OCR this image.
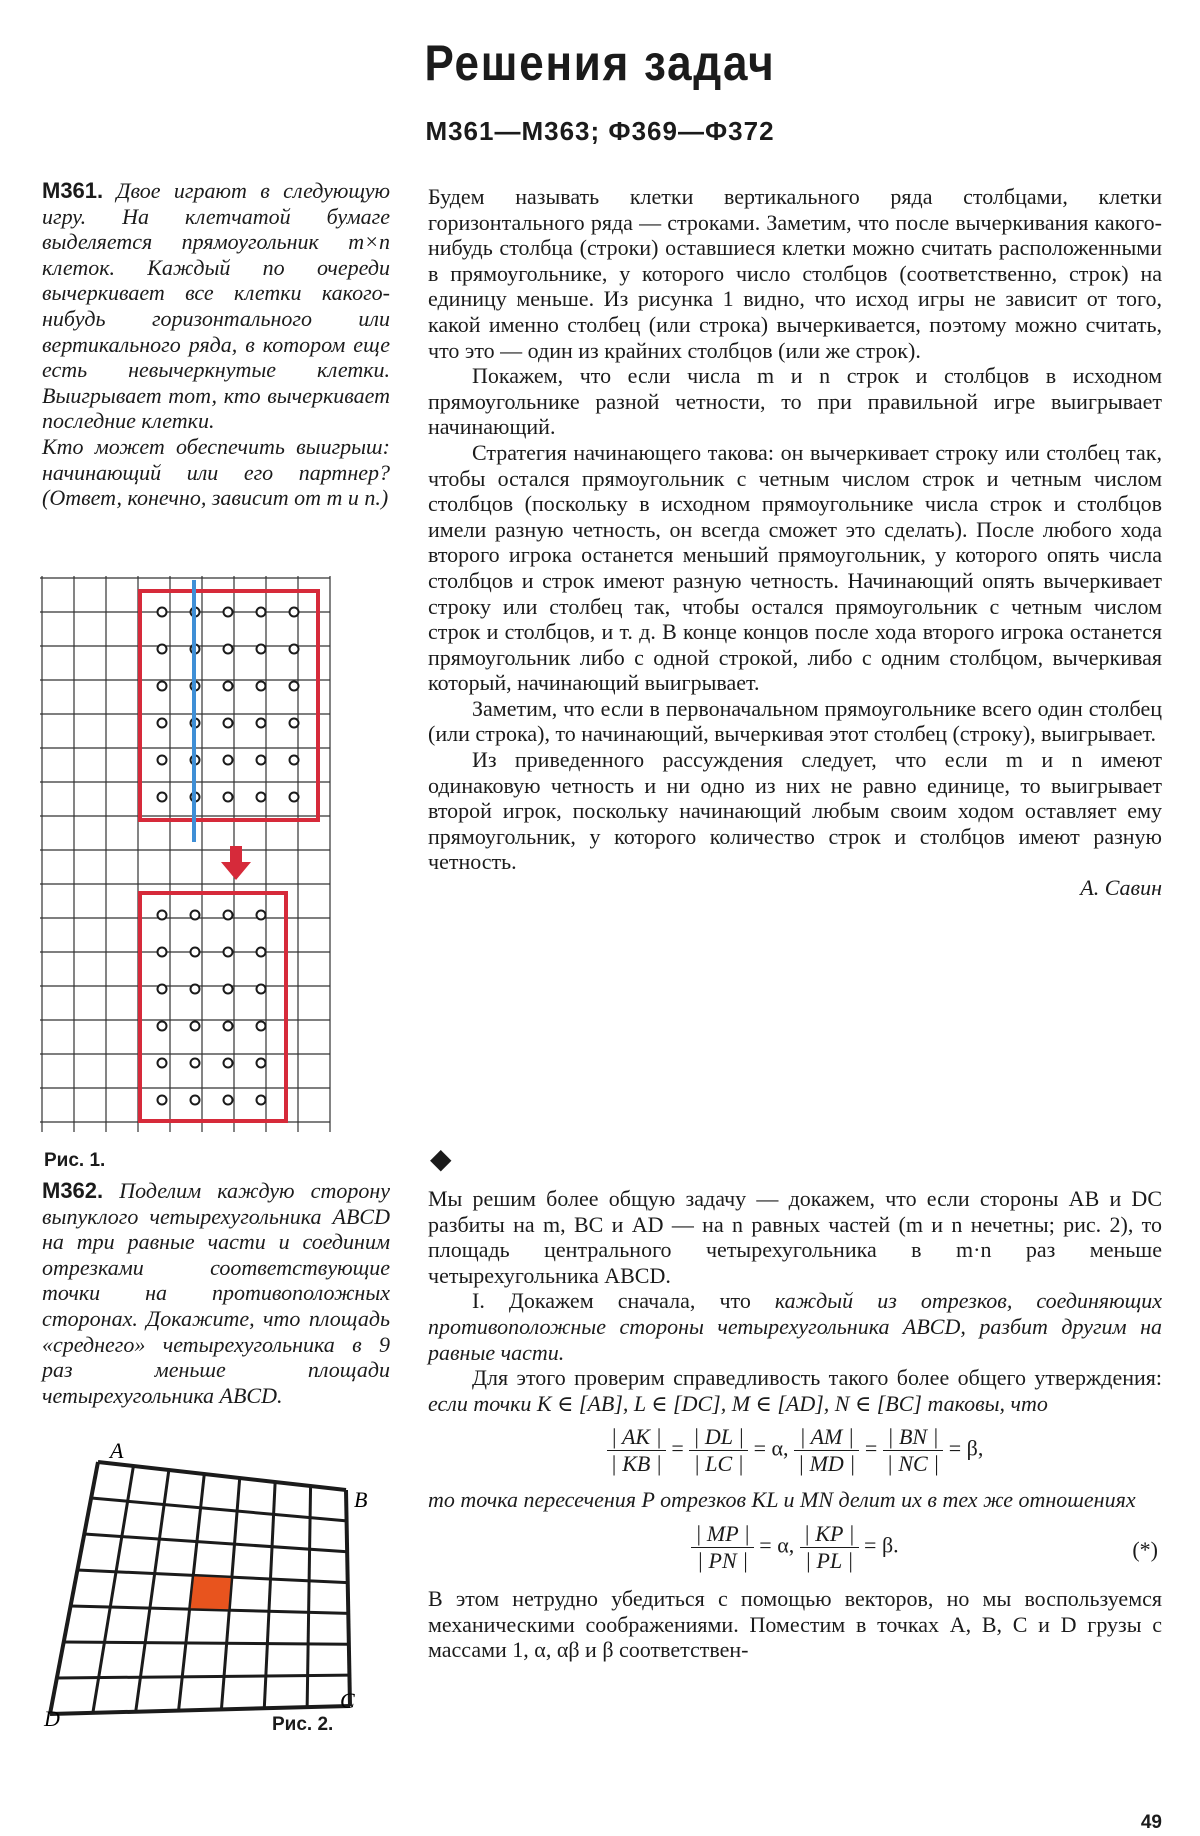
Решения задач
М361—М363; Ф369—Ф372

М361. Двое играют в следующую игру. На клетчатой бумаге выделяется прямоугольник m×n клеток. Каждый по очереди вычеркивает все клетки какого-нибудь горизонтального или вертикального ряда, в котором еще есть невычеркнутые клетки. Выигрывает тот, кто вычеркивает последние клетки.

Кто может обеспечить выигрыш: начинающий или его партнер? (Ответ, конечно, зависит от m и n.)

Рис. 1.

М362. Поделим каждую сторону выпуклого четырехугольника ABCD на три равные части и соединим отрезками соответствующие точки на противоположных сторонах. Докажите, что площадь «среднего» четырехугольника в 9 раз меньше площади четырехугольника ABCD.

A
B
C
D	Рис. 2.

Будем называть клетки вертикального ряда столбцами, клетки горизонтального ряда — строками. Заметим, что после вычеркивания какого-нибудь столбца (строки) оставшиеся клетки можно считать расположенными в прямоугольнике, у которого число столбцов (соответственно, строк) на единицу меньше. Из рисунка 1 видно, что исход игры не зависит от того, какой именно столбец (или строка) вычеркивается, поэтому можно считать, что это — один из крайних столбцов (или же строк).

Покажем, что если числа m и n строк и столбцов в исходном прямоугольнике разной четности, то при правильной игре выигрывает начинающий.

Стратегия начинающего такова: он вычеркивает строку или столбец так, чтобы остался прямоугольник с четным числом строк и четным числом столбцов (поскольку в исходном прямоугольнике числа строк и столбцов имели разную четность, он всегда сможет это сделать). После любого хода второго игрока останется меньший прямоугольник, у которого опять числа столбцов и строк имеют разную четность. Начинающий опять вычеркивает строку или столбец так, чтобы остался прямоугольник с четным числом строк и столбцов, и т. д. В конце концов после хода второго игрока останется прямоугольник либо с одной строкой, либо с одним столбцом, вычеркивая который, начинающий выигрывает.

Заметим, что если в первоначальном прямоугольнике всего один столбец (или строка), то начинающий, вычеркивая этот столбец (строку), выигрывает.

Из приведенного рассуждения следует, что если m и n имеют одинаковую четность и ни одно из них не равно единице, то выигрывает второй игрок, поскольку начинающий любым своим ходом оставляет ему прямоугольник, у которого количество строк и столбцов имеют разную четность.

А. Савин

◆

Мы решим более общую задачу — докажем, что если стороны AB и DC разбиты на m, BC и AD — на n равных частей (m и n нечетны; рис. 2), то площадь центрального четырехугольника в m·n раз меньше четырехугольника ABCD.

I. Докажем сначала, что каждый из отрезков, соединяющих противоположные стороны четырехугольника ABCD, разбит другим на равные части.

Для этого проверим справедливость такого более общего утверждения: если точки K ∈ [AB], L ∈ [DC], M ∈ [AD], N ∈ [BC] таковы, что

$\frac{| AK |}{| KB |} = \frac{| DL |}{| LC |} = \alpha$, $\frac{| AM |}{| MD |} = \frac{| BN |}{| NC |} = \beta$,

то точка пересечения P отрезков KL и MN делит их в тех же отношениях

$\frac{| MP |}{| PN |} = \alpha$, $\frac{| KP |}{| PL |} = \beta$.	(*)

В этом нетрудно убедиться с помощью векторов, но мы воспользуемся механическими соображениями. Поместим в точках A, B, C и D грузы с массами 1, α, αβ и β соответствен-

49
